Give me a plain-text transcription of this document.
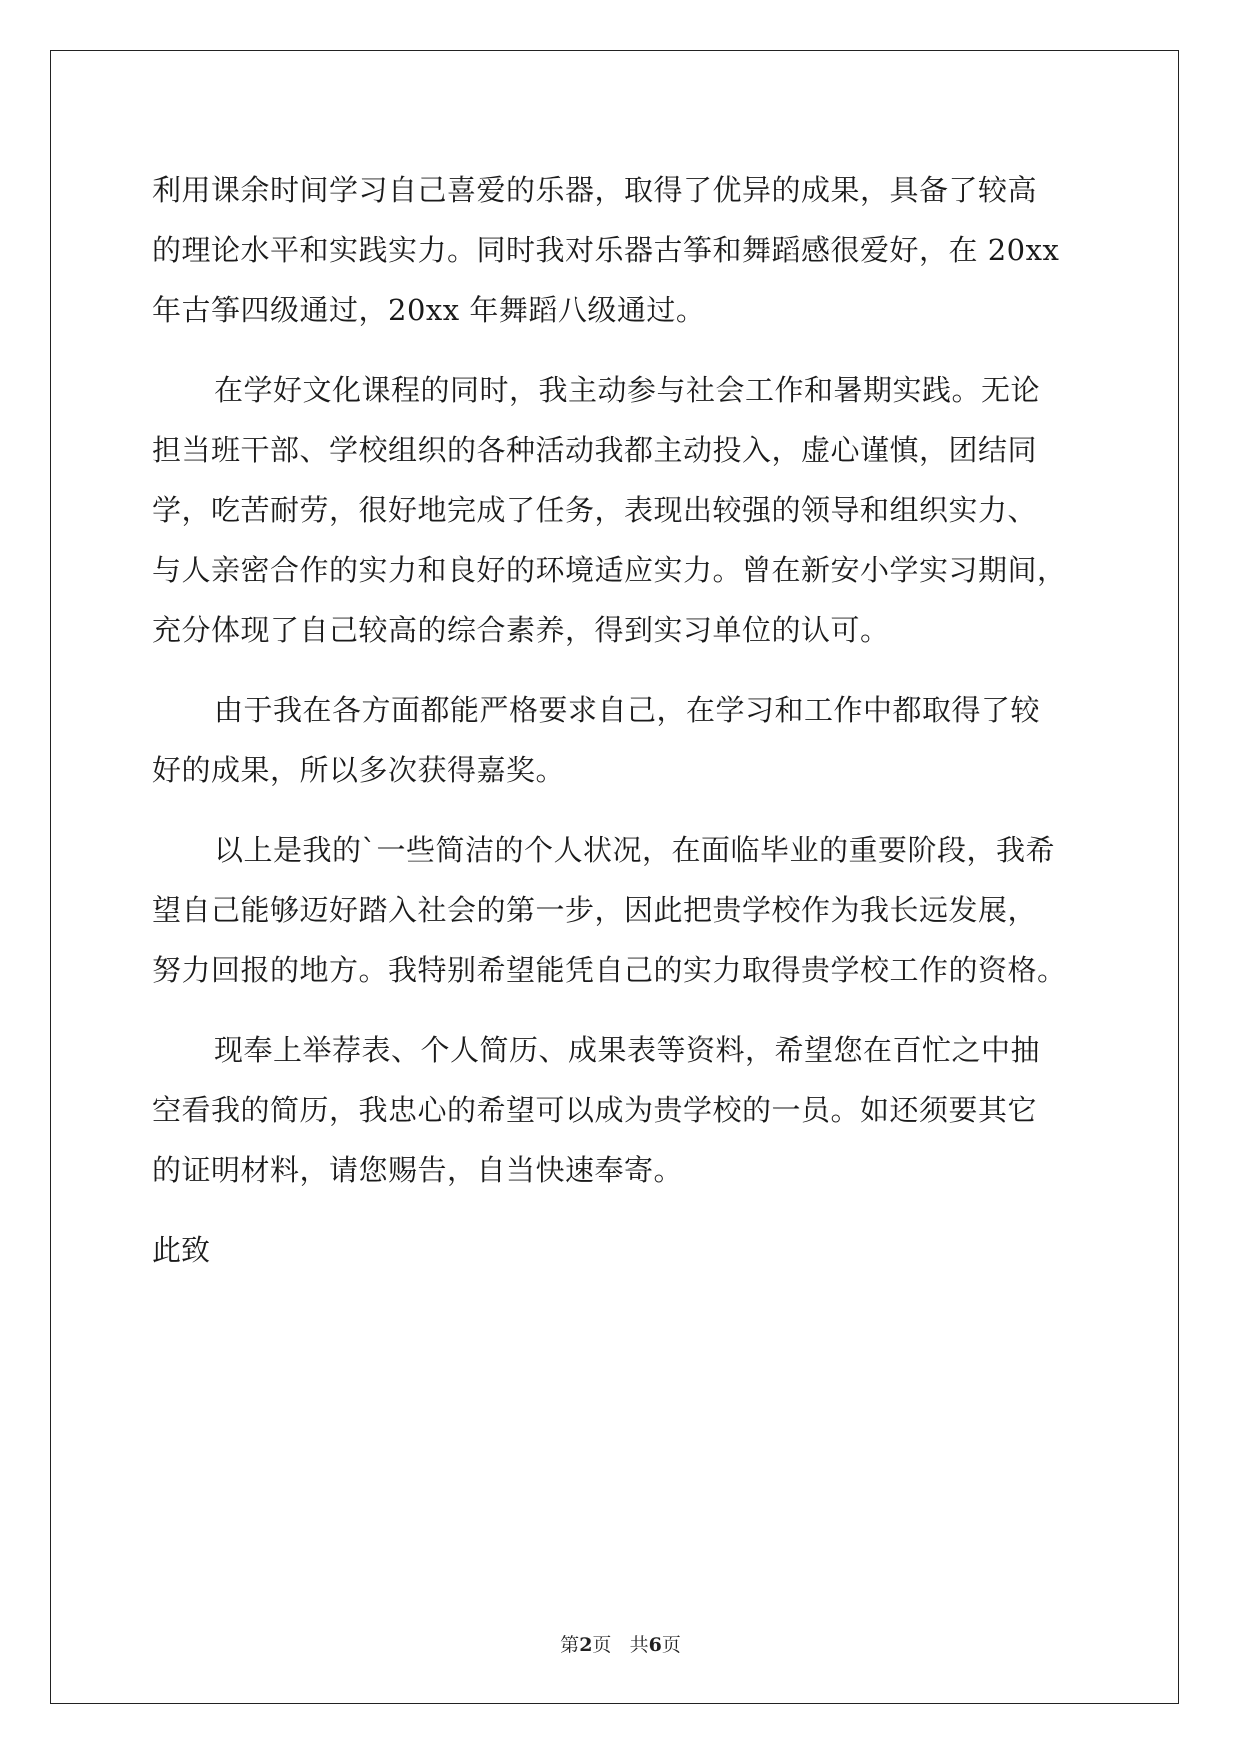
利用课余时间学习自己喜爱的乐器，取得了优异的成果，具备了较高
的理论水平和实践实力。同时我对乐器古筝和舞蹈感很爱好，在 20xx
年古筝四级通过，20xx 年舞蹈八级通过。
在学好文化课程的同时，我主动参与社会工作和暑期实践。无论
担当班干部、学校组织的各种活动我都主动投入，虚心谨慎，团结同
学，吃苦耐劳，很好地完成了任务，表现出较强的领导和组织实力、
与人亲密合作的实力和良好的环境适应实力。曾在新安小学实习期间，
充分体现了自己较高的综合素养，得到实习单位的认可。
由于我在各方面都能严格要求自己，在学习和工作中都取得了较
好的成果，所以多次获得嘉奖。
以上是我的`一些简洁的个人状况，在面临毕业的重要阶段，我希
望自己能够迈好踏入社会的第一步，因此把贵学校作为我长远发展，
努力回报的地方。我特别希望能凭自己的实力取得贵学校工作的资格。
现奉上举荐表、个人简历、成果表等资料，希望您在百忙之中抽
空看我的简历，我忠心的希望可以成为贵学校的一员。如还须要其它
的证明材料，请您赐告，自当快速奉寄。
此致
第2页 共6页
